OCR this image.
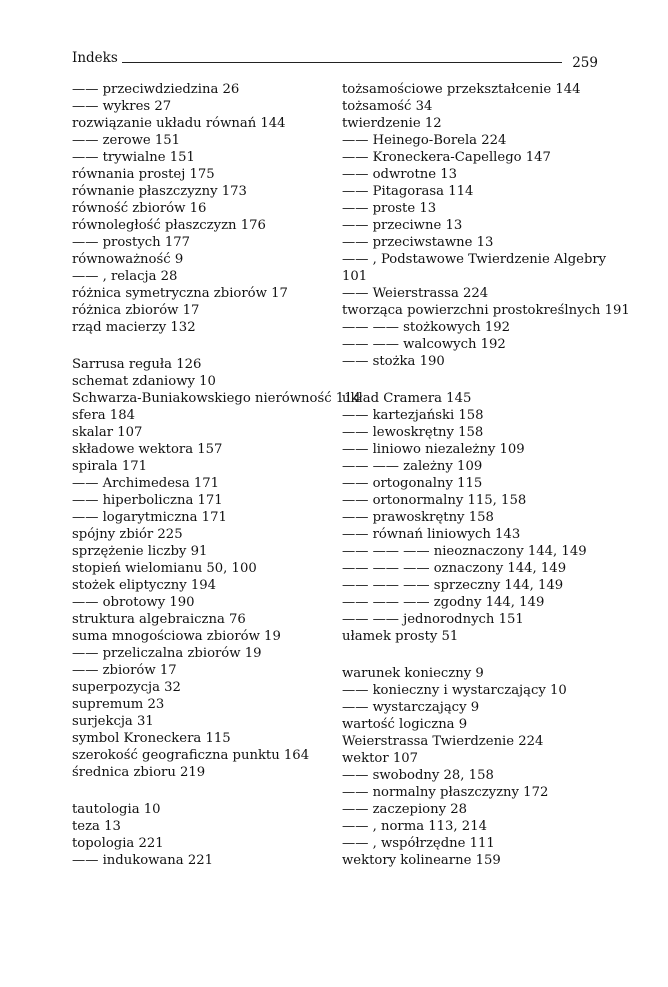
Indeks	259
—— przeciwdziedzina 26
—— wykres 27
rozwiązanie układu równań 144
—— zerowe 151
—— trywialne 151
równania prostej 175
równanie płaszczyzny 173
równość zbiorów 16
równoległość płaszczyzn 176
—— prostych 177
równoważność 9
—— , relacja 28
różnica symetryczna zbiorów 17
różnica zbiorów 17
rząd macierzy 132
Sarrusa reguła 126
schemat zdaniowy 10
Schwarza-Buniakowskiego nierówność 114
sfera 184
skalar 107
składowe wektora 157
spirala 171
—— Archimedesa 171
—— hiperboliczna 171
—— logarytmiczna 171
spójny zbiór 225
sprzężenie liczby 91
stopień wielomianu 50, 100
stożek eliptyczny 194
—— obrotowy 190
struktura algebraiczna 76
suma mnogościowa zbiorów 19
—— przeliczalna zbiorów 19
—— zbiorów 17
superpozycja 32
supremum 23
surjekcja 31
symbol Kroneckera 115
szerokość geograficzna punktu 164
średnica zbioru 219
tautologia 10
teza 13
topologia 221
—— indukowana 221
tożsamościowe przekształcenie 144
tożsamość 34
twierdzenie 12
—— Heinego-Borela 224
—— Kroneckera-Capellego 147
—— odwrotne 13
—— Pitagorasa 114
—— proste 13
—— przeciwne 13
—— przeciwstawne 13
—— , Podstawowe Twierdzenie Algebry
101
—— Weierstrassa 224
tworząca powierzchni prostokreślnych 191
—— —— stożkowych 192
—— —— walcowych 192
—— stożka 190
układ Cramera 145
—— kartezjański 158
—— lewoskrętny 158
—— liniowo niezależny 109
—— —— zależny 109
—— ortogonalny 115
—— ortonormalny 115, 158
—— prawoskrętny 158
—— równań liniowych 143
—— —— —— nieoznaczony 144, 149
—— —— —— oznaczony 144, 149
—— —— —— sprzeczny 144, 149
—— —— —— zgodny 144, 149
—— —— jednorodnych 151
ułamek prosty 51
warunek konieczny 9
—— konieczny i wystarczający 10
—— wystarczający 9
wartość logiczna 9
Weierstrassa Twierdzenie 224
wektor 107
—— swobodny 28, 158
—— normalny płaszczyzny 172
—— zaczepiony 28
—— , norma 113, 214
—— , współrzędne 111
wektory kolinearne 159
